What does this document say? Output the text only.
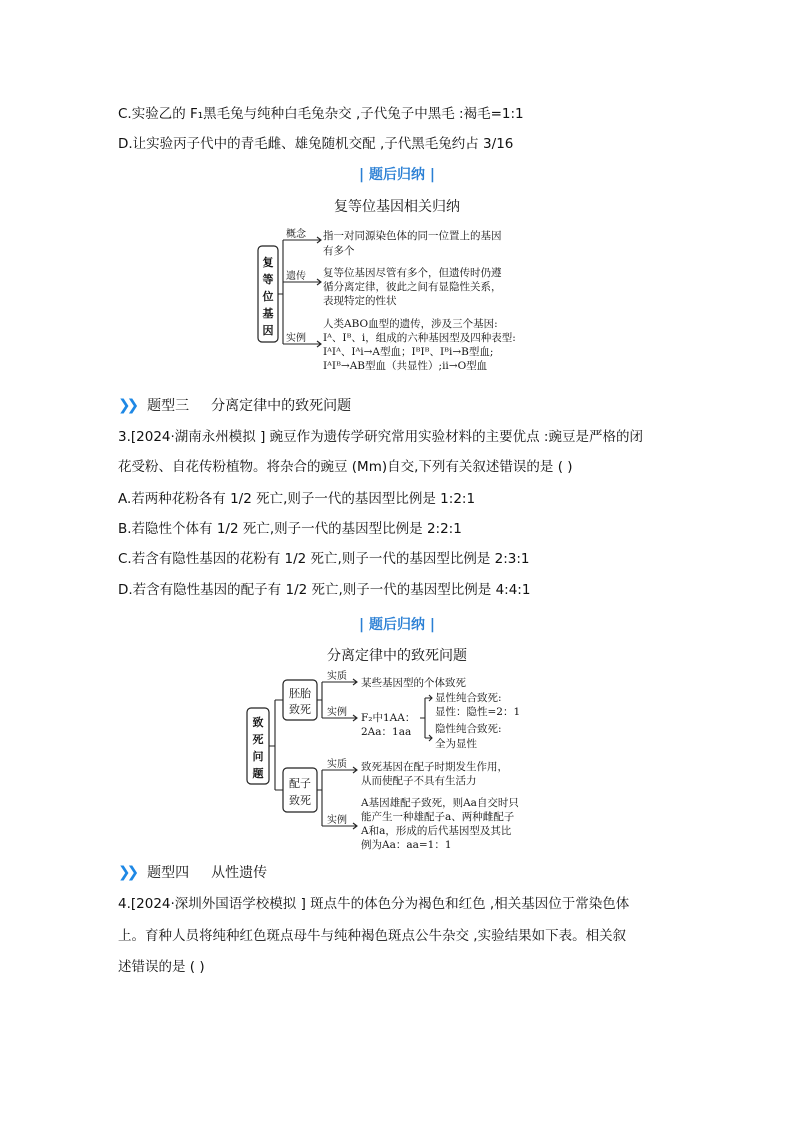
C.实验乙的 F₁黑毛兔与纯种白毛兔杂交 ,子代兔子中黑毛 :褐毛=1:1
D.让实验丙子代中的青毛雌、雄兔随机交配 ,子代黑毛兔约占 3/16
| 题后归纳 |
复等位基因相关归纳
复
等
位
基
因
概念
遗传
实例
指一对同源染色体的同一位置上的基因
有多个
复等位基因尽管有多个，但遗传时仍遵
循分离定律，彼此之间有显隐性关系，
表现特定的性状
人类ABO血型的遗传，涉及三个基因:
Iᴬ、Iᴮ、i，组成的六种基因型及四种表型:
IᴬIᴬ、Iᴬi→A型血；IᴮIᴮ、Iᴮi→B型血;
IᴬIᴮ→AB型血（共显性）;ii→O型血
❯❯ 题型三 分离定律中的致死问题
3.[2024·湖南永州模拟 ] 豌豆作为遗传学研究常用实验材料的主要优点 :豌豆是严格的闭
花受粉、自花传粉植物。将杂合的豌豆 (Mm)自交,下列有关叙述错误的是 ( )
A.若两种花粉各有 1/2 死亡,则子一代的基因型比例是 1:2:1
B.若隐性个体有 1/2 死亡,则子一代的基因型比例是 2:2:1
C.若含有隐性基因的花粉有 1/2 死亡,则子一代的基因型比例是 2:3:1
D.若含有隐性基因的配子有 1/2 死亡,则子一代的基因型比例是 4:4:1
| 题后归纳 |
分离定律中的致死问题
致
死
问
题
胚胎
致死
配子
致死
实质
实例
某些基因型的个体致死
F₂中1AA：
2Aa：1aa
显性纯合致死:
显性：隐性=2：1
隐性纯合致死:
全为显性
实质
实例
致死基因在配子时期发生作用，
从而使配子不具有生活力
A基因雄配子致死，则Aa自交时只
能产生一种雄配子a、两种雌配子
A和a，形成的后代基因型及其比
例为Aa：aa=1：1
❯❯ 题型四 从性遗传
4.[2024·深圳外国语学校模拟 ] 斑点牛的体色分为褐色和红色 ,相关基因位于常染色体
上。育种人员将纯种红色斑点母牛与纯种褐色斑点公牛杂交 ,实验结果如下表。相关叙
述错误的是 ( )
